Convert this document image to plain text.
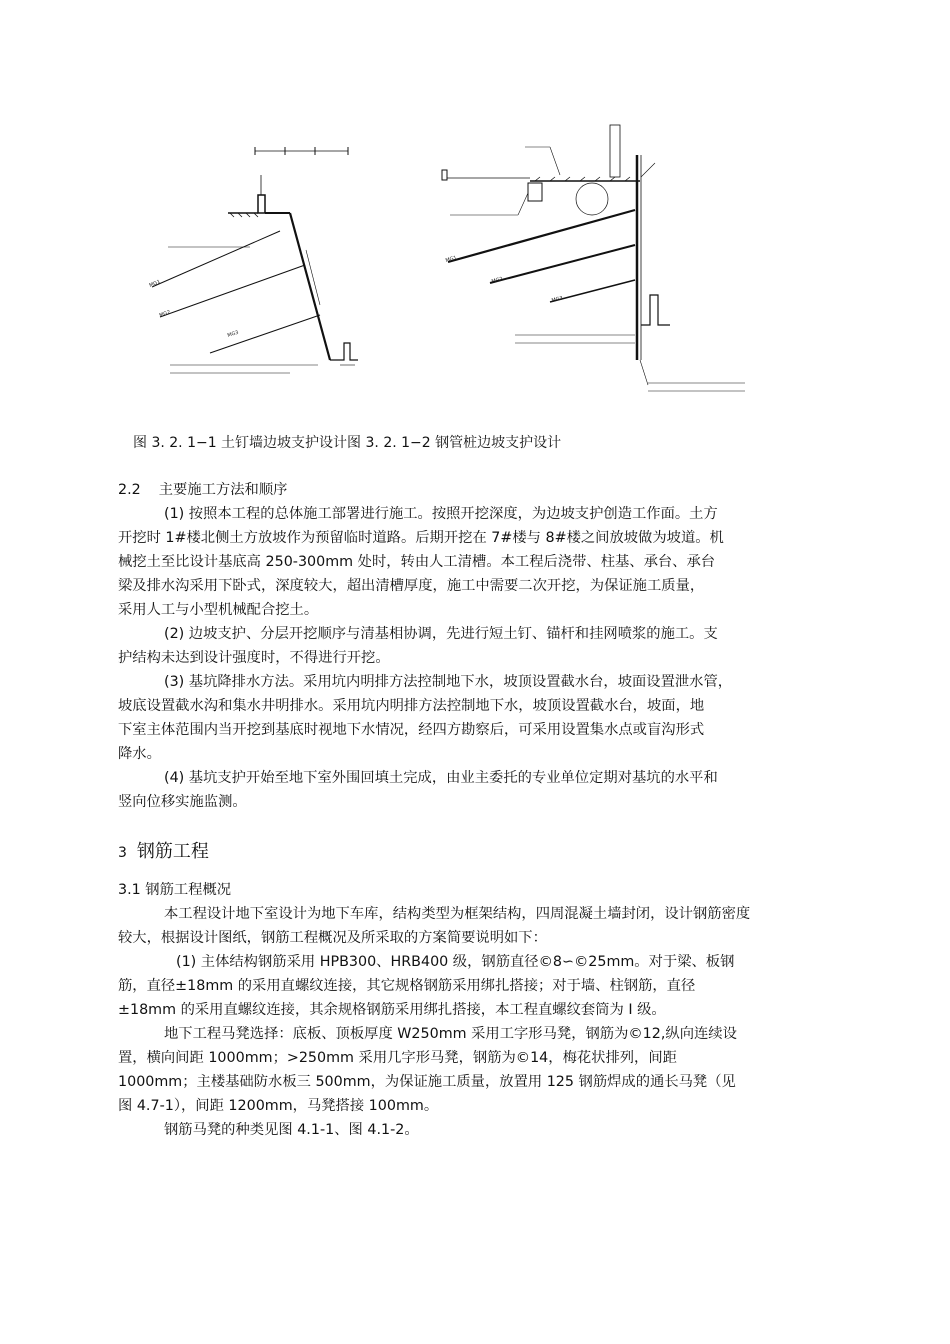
MG1
MG2
MG3
MG1
MG3
MG2
图 3. 2. 1−1 土钉墙边坡支护设计图 3. 2. 1−2 钢管桩边坡支护设计

2.2 主要施工方法和顺序

(1) 按照本工程的总体施工部署进行施工。按照开挖深度，为边坡支护创造工作面。土方

开挖时 1#楼北侧土方放坡作为预留临时道路。后期开挖在 7#楼与 8#楼之间放坡做为坡道。机

械挖土至比设计基底高 250-300mm 处时，转由人工清槽。本工程后浇带、柱基、承台、承台

梁及排水沟采用下卧式，深度较大，超出清槽厚度，施工中需要二次开挖，为保证施工质量，

采用人工与小型机械配合挖土。

(2) 边坡支护、分层开挖顺序与清基相协调，先进行短土钉、锚杆和挂网喷浆的施工。支

护结构未达到设计强度时，不得进行开挖。

(3) 基坑降排水方法。采用坑内明排方法控制地下水，坡顶设置截水台，坡面设置泄水管，

坡底设置截水沟和集水井明排水。采用坑内明排方法控制地下水，坡顶设置截水台，坡面，地

下室主体范围内当开挖到基底时视地下水情况，经四方勘察后，可采用设置集水点或盲沟形式

降水。

(4) 基坑支护开始至地下室外围回填土完成，由业主委托的专业单位定期对基坑的水平和

竖向位移实施监测。

3 钢筋工程

3.1 钢筋工程概况

本工程设计地下室设计为地下车库，结构类型为框架结构，四周混凝土墙封闭，设计钢筋密度

较大，根据设计图纸，钢筋工程概况及所采取的方案简要说明如下：

(1) 主体结构钢筋采用 HPB300、HRB400 级，钢筋直径©8∽©25mm。对于梁、板钢

筋，直径±18mm 的采用直螺纹连接，其它规格钢筋采用绑扎搭接；对于墙、柱钢筋，直径

±18mm 的采用直螺纹连接，其余规格钢筋采用绑扎搭接，本工程直螺纹套筒为 I 级。

地下工程马凳选择：底板、顶板厚度 W250mm 采用工字形马凳，钢筋为©12,纵向连续设

置，横向间距 1000mm；>250mm 采用几字形马凳，钢筋为©14，梅花状排列，间距

1000mm；主楼基础防水板三 500mm，为保证施工质量，放置用 125 钢筋焊成的通长马凳（见

图 4.7-1），间距 1200mm，马凳搭接 100mm。

钢筋马凳的种类见图 4.1-1、图 4.1-2。
